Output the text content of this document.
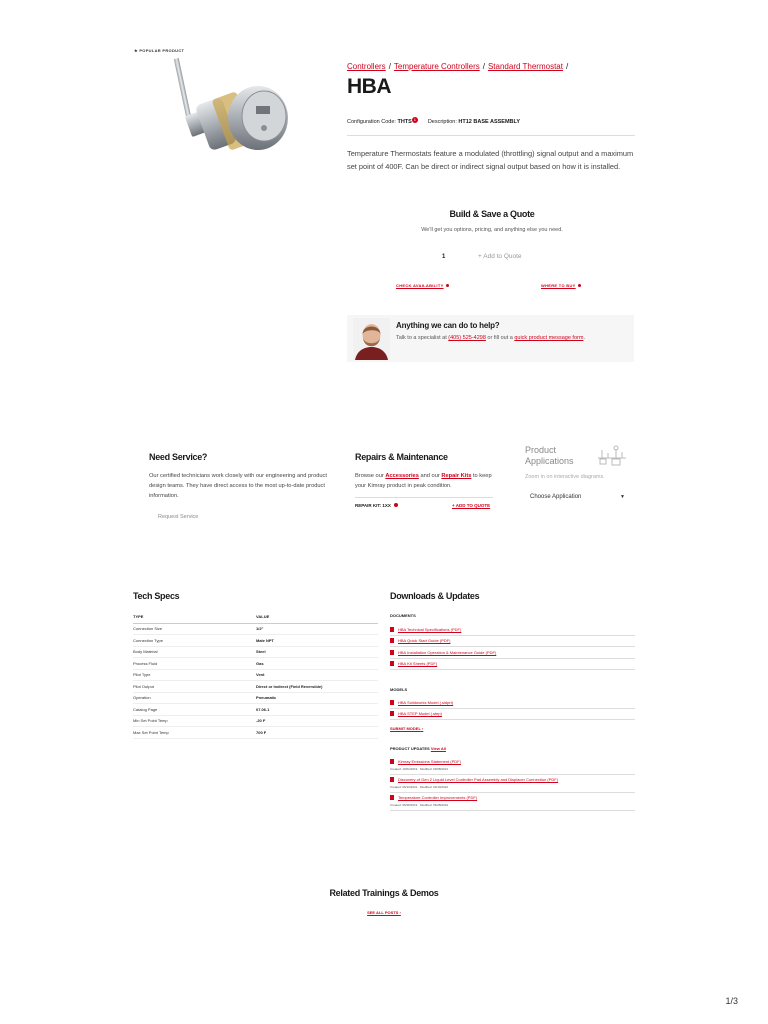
★ POPULAR PRODUCT
Controllers / Temperature Controllers / Standard Thermostat /
HBA
Configuration Code: THTS 1 Description: HT12 BASE ASSEMBLY
Temperature Thermostats feature a modulated (throttling) signal output and a maximum set point of 400F. Can be direct or indirect signal output based on how it is installed.
Build & Save a Quote
We'll get you options, pricing, and anything else you need.
1	+ Add to Quote
CHECK AVAILABILITY	WHERE TO BUY
Anything we can do to help?
Talk to a specialist at (405) 525-4298 or fill out a quick product message form.
Need Service?
Our certified technicians work closely with our engineering and product design teams. They have direct access to the most up-to-date product information.
Request Service
Repairs & Maintenance
Browse our Accessories and our Repair Kits to keep your Kimray product in peak condition.
REPAIR KIT: 1XX	+ ADD TO QUOTE
Product Applications
Zoom in on interactive diagrams.
Choose Application	▼
Tech Specs
TYPE	VALUE
Connection Size	1/2"
Connection Type	Male NPT
Body Material	Steel
Process Fluid	Gas
Pilot Type	Vent
Pilot Output	Direct or Indirect (Field Reversible)
Operation	Pneumatic
Catalog Page	07.06.1
Min Set Point Temp	-20 F
Max Set Point Temp	700 F
Downloads & Updates
DOCUMENTS
HBA Technical Specifications (PDF)
HBA Quick Start Guide (PDF)
HBA Installation Operation & Maintenance Guide (PDF)
HBA Kit Sheets (PDF)
MODELS
HBA Solidworks Model (.sldprt)
HBA STEP Model (.step)
SUBMIT MODEL ›
PRODUCT UPDATES View All
Kimray Emissions Statement (PDF)
Created: 10/02/2019 · Modified: 03/08/2021
Discovery of Gen 2 Liquid Level Controller Pad Assembly and Displacer Connection (PDF)
Created: 06/10/2021 · Modified: 03/10/2022
Temperature Controller Improvements (PDF)
Created: 06/28/2019 · Modified: 06/28/2019
Related Trainings & Demos
SEE ALL POSTS ›
1/3
